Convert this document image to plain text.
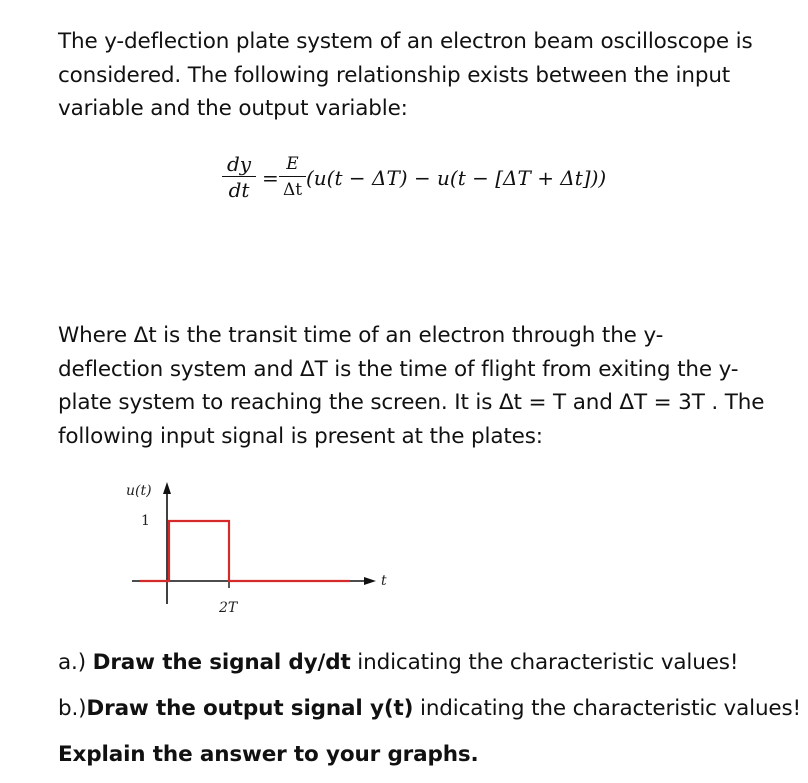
The y-deflection plate system of an electron beam oscilloscope is considered. The following relationship exists between the input variable and the output variable:
dy
dt
=
E
Δt
(u(t − ΔT) − u(t − [ΔT + Δt]))
Where Δt is the transit time of an electron through the y-deflection system and ΔT is the time of flight from exiting the y-plate system to reaching the screen. It is Δt = T and ΔT = 3T . The following input signal is present at the plates:
u(t)
1
t
2T
a.) Draw the signal dy/dt indicating the characteristic values!
b.)Draw the output signal y(t) indicating the characteristic values!
Explain the answer to your graphs.
